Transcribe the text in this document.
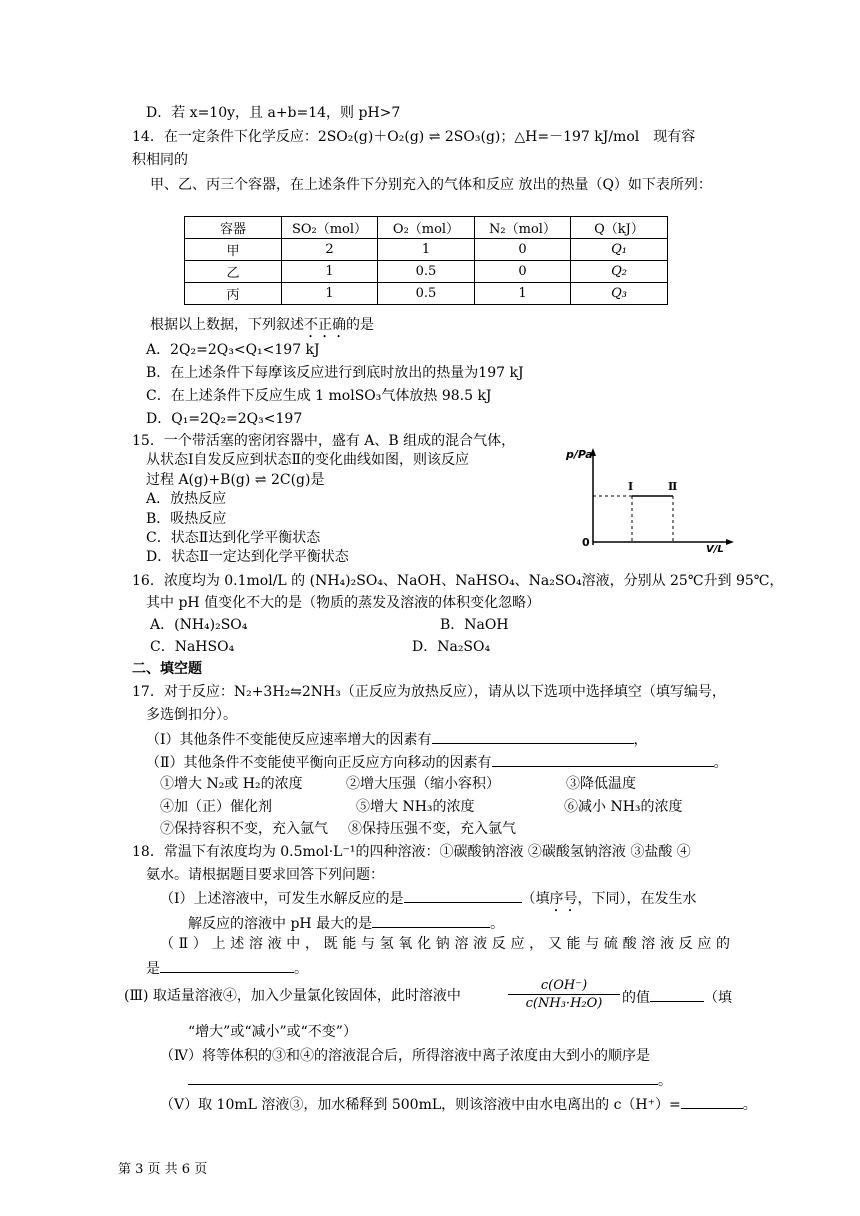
D．若 x=10y，且 a+b=14，则 pH>7
14．在一定条件下化学反应：2SO₂(g)＋O₂(g) ⇌ 2SO₃(g)；△H=－197 kJ/mol　现有容
积相同的
甲、乙、丙三个容器，在上述条件下分别充入的气体和反应 放出的热量（Q）如下表所列：
容器	SO₂（mol）	O₂（mol）	N₂（mol）	Q（kJ）
甲	2	1	0	Q₁
乙	1	0.5	0	Q₂
丙	1	0.5	1	Q₃
根据以上数据，下列叙述不正确的是
A．2Q₂=2Q₃<Q₁<197 kJ
B．在上述条件下每摩该反应进行到底时放出的热量为197 kJ
C．在上述条件下反应生成 1 molSO₃气体放热 98.5 kJ
D．Q₁=2Q₂=2Q₃<197
15．一个带活塞的密闭容器中，盛有 A、B 组成的混合气体，
从状态Ⅰ自发反应到状态Ⅱ的变化曲线如图，则该反应
过程 A(g)+B(g) ⇌ 2C(g)是
A．放热反应
B．吸热反应
C．状态Ⅱ达到化学平衡状态
D．状态Ⅱ一定达到化学平衡状态
p/Pa
V/L
0
Ⅰ	Ⅱ
16．浓度均为 0.1mol/L 的 (NH₄)₂SO₄、NaOH、NaHSO₄、Na₂SO₄溶液，分别从 25℃升到 95℃，
其中 pH 值变化不大的是（物质的蒸发及溶液的体积变化忽略）
A．(NH₄)₂SO₄	B．NaOH
C．NaHSO₄	D．Na₂SO₄
二、填空题
17．对于反应：N₂+3H₂⇋2NH₃（正反应为放热反应），请从以下选项中选择填空（填写编号，
多选倒扣分）。
（Ⅰ）其他条件不变能使反应速率增大的因素有	，
（Ⅱ）其他条件不变能使平衡向正反应方向移动的因素有	。
①增大 N₂或 H₂的浓度	②增大压强（缩小容积）	③降低温度
④加（正）催化剂	⑤增大 NH₃的浓度	⑥减小 NH₃的浓度
⑦保持容积不变，充入氩气 ⑧保持压强不变，充入氩气
18．常温下有浓度均为 0.5mol·L⁻¹的四种溶液：①碳酸钠溶液 ②碳酸氢钠溶液 ③盐酸 ④
氨水。请根据题目要求回答下列问题：
（Ⅰ）上述溶液中，可发生水解反应的是	（填序号，下同），在发生水
解反应的溶液中 pH 最大的是	。
（Ⅱ）上述溶液中，既能与氢氧化钠溶液反应，又能与硫酸溶液反应的
是	。
(Ⅲ) 取适量溶液④，加入少量氯化铵固体，此时溶液中	$\frac{c(OH^-)}{\text{c(NH₃·H₂O)}}$ 的值	（填
“增大”或“减小”或“不变”）
（Ⅳ）将等体积的③和④的溶液混合后，所得溶液中离子浓度由大到小的顺序是
。
（Ⅴ）取 10mL 溶液③，加水稀释到 500mL，则该溶液中由水电离出的 c（H⁺）=	。
第 3 页 共 6 页
